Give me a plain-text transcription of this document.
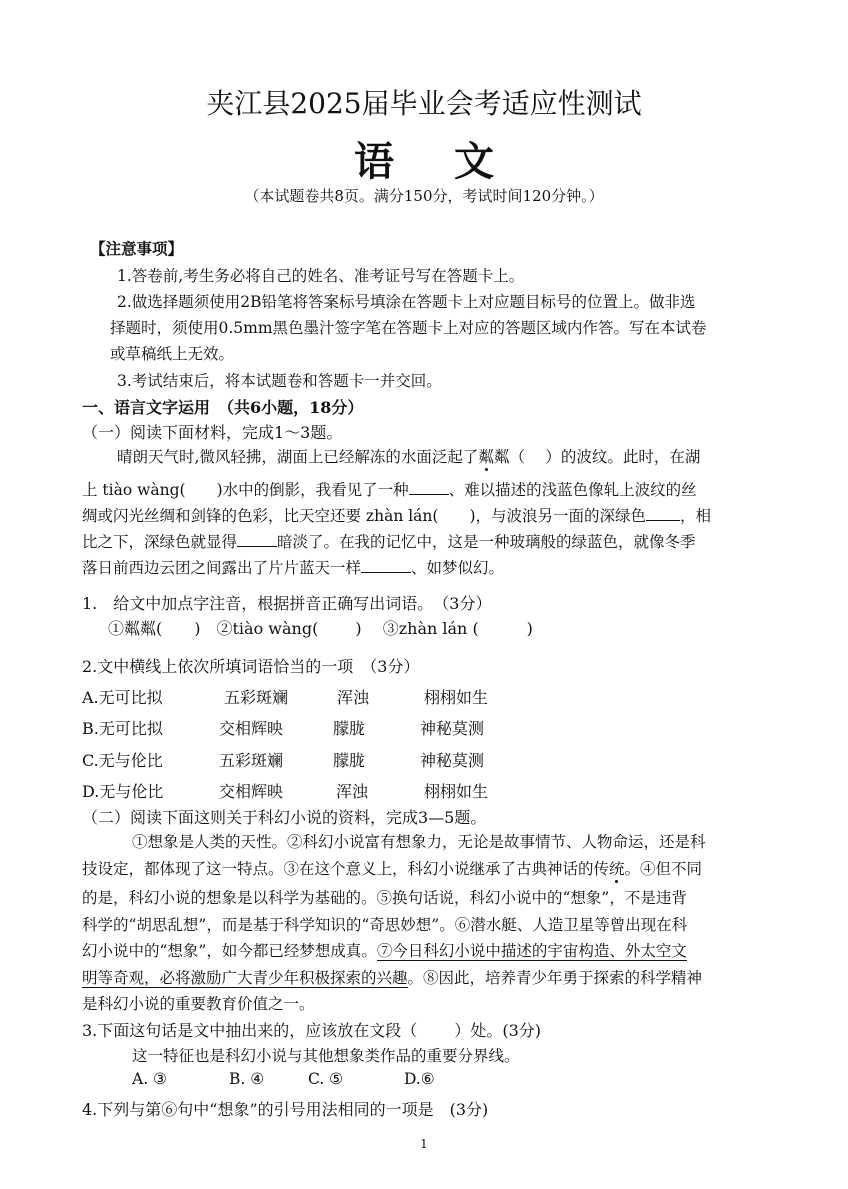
夹江县2025届毕业会考适应性测试
语文
（本试题卷共8页。满分150分，考试时间120分钟。）
【注意事项】
1.答卷前,考生务必将自己的姓名、准考证号写在答题卡上。
2.做选择题须使用2B铅笔将答案标号填涂在答题卡上对应题目标号的位置上。做非选
择题时，须使用0.5mm黑色墨汁签字笔在答题卡上对应的答题区域内作答。写在本试卷
或草稿纸上无效。
3.考试结束后，将本试题卷和答题卡一并交回。
一、语言文字运用　（共6小题，18分）
（一）阅读下面材料，完成1～3题。
晴朗天气时,微风轻拂，湖面上已经解冻的水面泛起了粼粼（　 ）的波纹。此时，在湖
上 tiào wàng(　　)水中的倒影，我看见了一种	、难以描述的浅蓝色像轧上波纹的丝
绸或闪光丝绸和剑锋的色彩，比天空还要 zhàn lán(　　)，与波浪另一面的深绿色 ，相
比之下，深绿色就显得	暗淡了。在我的记忆中，这是一种玻璃般的绿蓝色，就像冬季
落日前西边云团之间露出了片片蓝天一样	、如梦似幻。
1.　给文中加点字注音，根据拼音正确写出词语。　（3分）
①粼粼(　　)　②tiào wàng(　　 )　 ③zhàn lán (　　　)
2.文中横线上依次所填词语恰当的一项　（3分）
A.无可比拟	五彩斑斓	浑浊	栩栩如生
B.无可比拟	交相辉映	朦胧	神秘莫测
C.无与伦比	五彩斑斓	朦胧	神秘莫测
D.无与伦比	交相辉映	浑浊	栩栩如生
（二）阅读下面这则关于科幻小说的资料，完成3—5题。
①想象是人类的天性。②科幻小说富有想象力，无论是故事情节、人物命运，还是科
技设定，都体现了这一特点。③在这个意义上，科幻小说继承了古典神话的传统。④但不同
的是，科幻小说的想象是以科学为基础的。⑤换句话说，科幻小说中的“想象”，不是违背
科学的“胡思乱想”，而是基于科学知识的“奇思妙想”。⑥潜水艇、人造卫星等曾出现在科
幻小说中的“想象”，如今都已经梦想成真。⑦今日科幻小说中描述的宇宙构造、外太空文
明等奇观，必将激励广大青少年积极探索的兴趣。⑧因此，培养青少年勇于探索的科学精神
是科幻小说的重要教育价值之一。
3.下面这句话是文中抽出来的，应该放在文段（　　 ）处。(3分)
这一特征也是科幻小说与其他想象类作品的重要分界线。
A. ③	B. ④	C. ⑤	D.⑥
4.下列与第⑥句中“想象”的引号用法相同的一项是　(3分)
1
